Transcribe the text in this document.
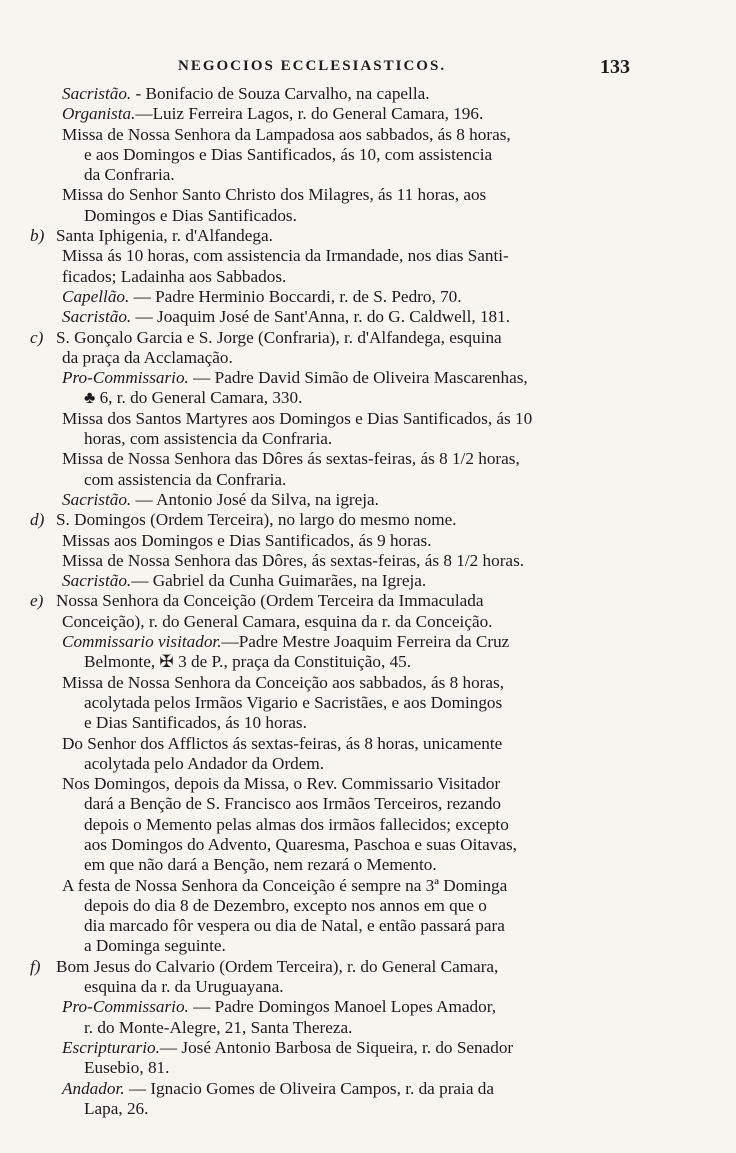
NEGOCIOS ECCLESIASTICOS.	133
Sacristão. - Bonifacio de Souza Carvalho, na capella.
Organista.—Luiz Ferreira Lagos, r. do General Camara, 196.
Missa de Nossa Senhora da Lampadosa aos sabbados, ás 8 horas,
e aos Domingos e Dias Santificados, ás 10, com assistencia
da Confraria.
Missa do Senhor Santo Christo dos Milagres, ás 11 horas, aos
Domingos e Dias Santificados.
b) Santa Iphigenia, r. d'Alfandega.
Missa ás 10 horas, com assistencia da Irmandade, nos dias Santi-
ficados; Ladainha aos Sabbados.
Capellão. — Padre Herminio Boccardi, r. de S. Pedro, 70.
Sacristão. — Joaquim José de Sant'Anna, r. do G. Caldwell, 181.
c) S. Gonçalo Garcia e S. Jorge (Confraria), r. d'Alfandega, esquina
da praça da Acclamação.
Pro-Commissario. — Padre David Simão de Oliveira Mascarenhas,
♣ 6, r. do General Camara, 330.
Missa dos Santos Martyres aos Domingos e Dias Santificados, ás 10
horas, com assistencia da Confraria.
Missa de Nossa Senhora das Dôres ás sextas-feiras, ás 8 1/2 horas,
com assistencia da Confraria.
Sacristão. — Antonio José da Silva, na igreja.
d) S. Domingos (Ordem Terceira), no largo do mesmo nome.
Missas aos Domingos e Dias Santificados, ás 9 horas.
Missa de Nossa Senhora das Dôres, ás sextas-feiras, ás 8 1/2 horas.
Sacristão.— Gabriel da Cunha Guimarães, na Igreja.
e) Nossa Senhora da Conceição (Ordem Terceira da Immaculada
Conceição), r. do General Camara, esquina da r. da Conceição.
Commissario visitador.—Padre Mestre Joaquim Ferreira da Cruz
Belmonte, ✠ 3 de P., praça da Constituição, 45.
Missa de Nossa Senhora da Conceição aos sabbados, ás 8 horas,
acolytada pelos Irmãos Vigario e Sacristães, e aos Domingos
e Dias Santificados, ás 10 horas.
Do Senhor dos Afflictos ás sextas-feiras, ás 8 horas, unicamente
acolytada pelo Andador da Ordem.
Nos Domingos, depois da Missa, o Rev. Commissario Visitador
dará a Benção de S. Francisco aos Irmãos Terceiros, rezando
depois o Memento pelas almas dos irmãos fallecidos; excepto
aos Domingos do Advento, Quaresma, Paschoa e suas Oitavas,
em que não dará a Benção, nem rezará o Memento.
A festa de Nossa Senhora da Conceição é sempre na 3ª Dominga
depois do dia 8 de Dezembro, excepto nos annos em que o
dia marcado fôr vespera ou dia de Natal, e então passará para
a Dominga seguinte.
f) Bom Jesus do Calvario (Ordem Terceira), r. do General Camara,
esquina da r. da Uruguayana.
Pro-Commissario. — Padre Domingos Manoel Lopes Amador,
r. do Monte-Alegre, 21, Santa Thereza.
Escripturario.— José Antonio Barbosa de Siqueira, r. do Senador
Eusebio, 81.
Andador. — Ignacio Gomes de Oliveira Campos, r. da praia da
Lapa, 26.
